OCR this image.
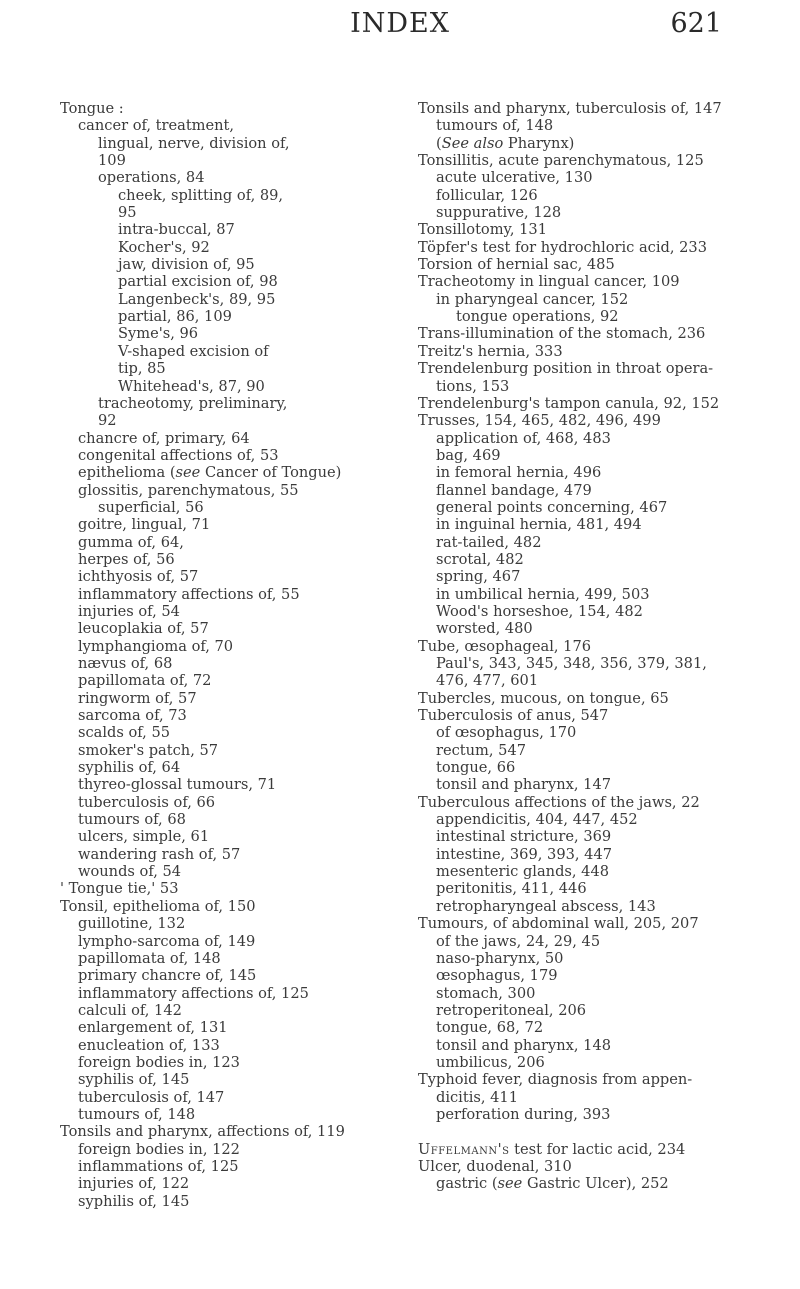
INDEX	621
Tongue :
cancer of, treatment,
lingual, nerve, division of,
109
operations, 84
cheek, splitting of, 89,
95
intra-buccal, 87
Kocher's, 92
jaw, division of, 95
partial excision of, 98
Langenbeck's, 89, 95
partial, 86, 109
Syme's, 96
V-shaped excision of
tip, 85
Whitehead's, 87, 90
tracheotomy, preliminary,
92
chancre of, primary, 64
congenital affections of, 53
epithelioma (see Cancer of Tongue)
glossitis, parenchymatous, 55
superficial, 56
goitre, lingual, 71
gumma of, 64,
herpes of, 56
ichthyosis of, 57
inflammatory affections of, 55
injuries of, 54
leucoplakia of, 57
lymphangioma of, 70
nævus of, 68
papillomata of, 72
ringworm of, 57
sarcoma of, 73
scalds of, 55
smoker's patch, 57
syphilis of, 64
thyreo-glossal tumours, 71
tuberculosis of, 66
tumours of, 68
ulcers, simple, 61
wandering rash of, 57
wounds of, 54
' Tongue tie,' 53
Tonsil, epithelioma of, 150
guillotine, 132
lympho-sarcoma of, 149
papillomata of, 148
primary chancre of, 145
inflammatory affections of, 125
calculi of, 142
enlargement of, 131
enucleation of, 133
foreign bodies in, 123
syphilis of, 145
tuberculosis of, 147
tumours of, 148
Tonsils and pharynx, affections of, 119
foreign bodies in, 122
inflammations of, 125
injuries of, 122
syphilis of, 145
Tonsils and pharynx, tuberculosis of, 147
tumours of, 148
(See also Pharynx)
Tonsillitis, acute parenchymatous, 125
acute ulcerative, 130
follicular, 126
suppurative, 128
Tonsillotomy, 131
Töpfer's test for hydrochloric acid, 233
Torsion of hernial sac, 485
Tracheotomy in lingual cancer, 109
in pharyngeal cancer, 152
tongue operations, 92
Trans-illumination of the stomach, 236
Treitz's hernia, 333
Trendelenburg position in throat opera-
tions, 153
Trendelenburg's tampon canula, 92, 152
Trusses, 154, 465, 482, 496, 499
application of, 468, 483
bag, 469
in femoral hernia, 496
flannel bandage, 479
general points concerning, 467
in inguinal hernia, 481, 494
rat-tailed, 482
scrotal, 482
spring, 467
in umbilical hernia, 499, 503
Wood's horseshoe, 154, 482
worsted, 480
Tube, œsophageal, 176
Paul's, 343, 345, 348, 356, 379, 381,
476, 477, 601
Tubercles, mucous, on tongue, 65
Tuberculosis of anus, 547
of œsophagus, 170
rectum, 547
tongue, 66
tonsil and pharynx, 147
Tuberculous affections of the jaws, 22
appendicitis, 404, 447, 452
intestinal stricture, 369
intestine, 369, 393, 447
mesenteric glands, 448
peritonitis, 411, 446
retropharyngeal abscess, 143
Tumours, of abdominal wall, 205, 207
of the jaws, 24, 29, 45
naso-pharynx, 50
œsophagus, 179
stomach, 300
retroperitoneal, 206
tongue, 68, 72
tonsil and pharynx, 148
umbilicus, 206
Typhoid fever, diagnosis from appen-
dicitis, 411
perforation during, 393

Uffelmann's test for lactic acid, 234
Ulcer, duodenal, 310
gastric (see Gastric Ulcer), 252
